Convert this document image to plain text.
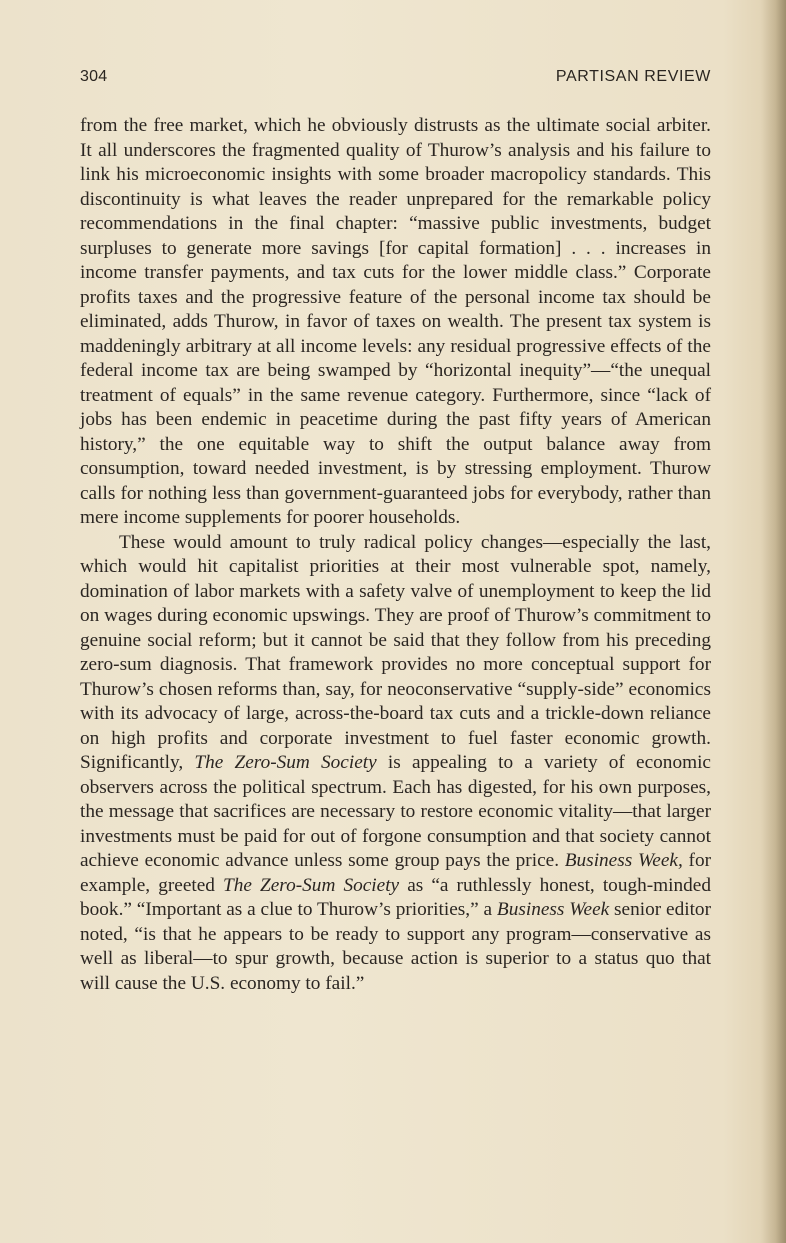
304	PARTISAN REVIEW

from the free market, which he obviously distrusts as the ultimate social arbiter. It all underscores the fragmented quality of Thurow’s analysis and his failure to link his microeconomic insights with some broader macropolicy standards. This discontinuity is what leaves the reader unprepared for the remarkable policy recommendations in the final chapter: “massive public investments, budget surpluses to generate more savings [for capital formation] . . . increases in income transfer payments, and tax cuts for the lower middle class.” Corporate profits taxes and the progressive feature of the personal income tax should be eliminated, adds Thurow, in favor of taxes on wealth. The present tax system is maddeningly arbitrary at all income levels: any residual progressive effects of the federal income tax are being swamped by “horizontal inequity”—“the unequal treatment of equals” in the same revenue category. Furthermore, since “lack of jobs has been endemic in peacetime during the past fifty years of American history,” the one equitable way to shift the output balance away from consumption, toward needed investment, is by stressing employment. Thurow calls for nothing less than government-guaranteed jobs for everybody, rather than mere income supplements for poorer households.

These would amount to truly radical policy changes—especially the last, which would hit capitalist priorities at their most vulnerable spot, namely, domination of labor markets with a safety valve of unemployment to keep the lid on wages during economic upswings. They are proof of Thurow’s commitment to genuine social reform; but it cannot be said that they follow from his preceding zero-sum diagnosis. That framework provides no more conceptual support for Thurow’s chosen reforms than, say, for neoconservative “supply-side” economics with its advocacy of large, across-the-board tax cuts and a trickle-down reliance on high profits and corporate investment to fuel faster economic growth. Significantly, The Zero-Sum Society is appealing to a variety of economic observers across the political spectrum. Each has digested, for his own purposes, the message that sacrifices are necessary to restore economic vitality—that larger investments must be paid for out of forgone consumption and that society cannot achieve economic advance unless some group pays the price. Business Week, for example, greeted The Zero-Sum Society as “a ruthlessly honest, tough-minded book.” “Important as a clue to Thurow’s priorities,” a Business Week senior editor noted, “is that he appears to be ready to support any program—conservative as well as liberal—to spur growth, because action is superior to a status quo that will cause the U.S. economy to fail.”
